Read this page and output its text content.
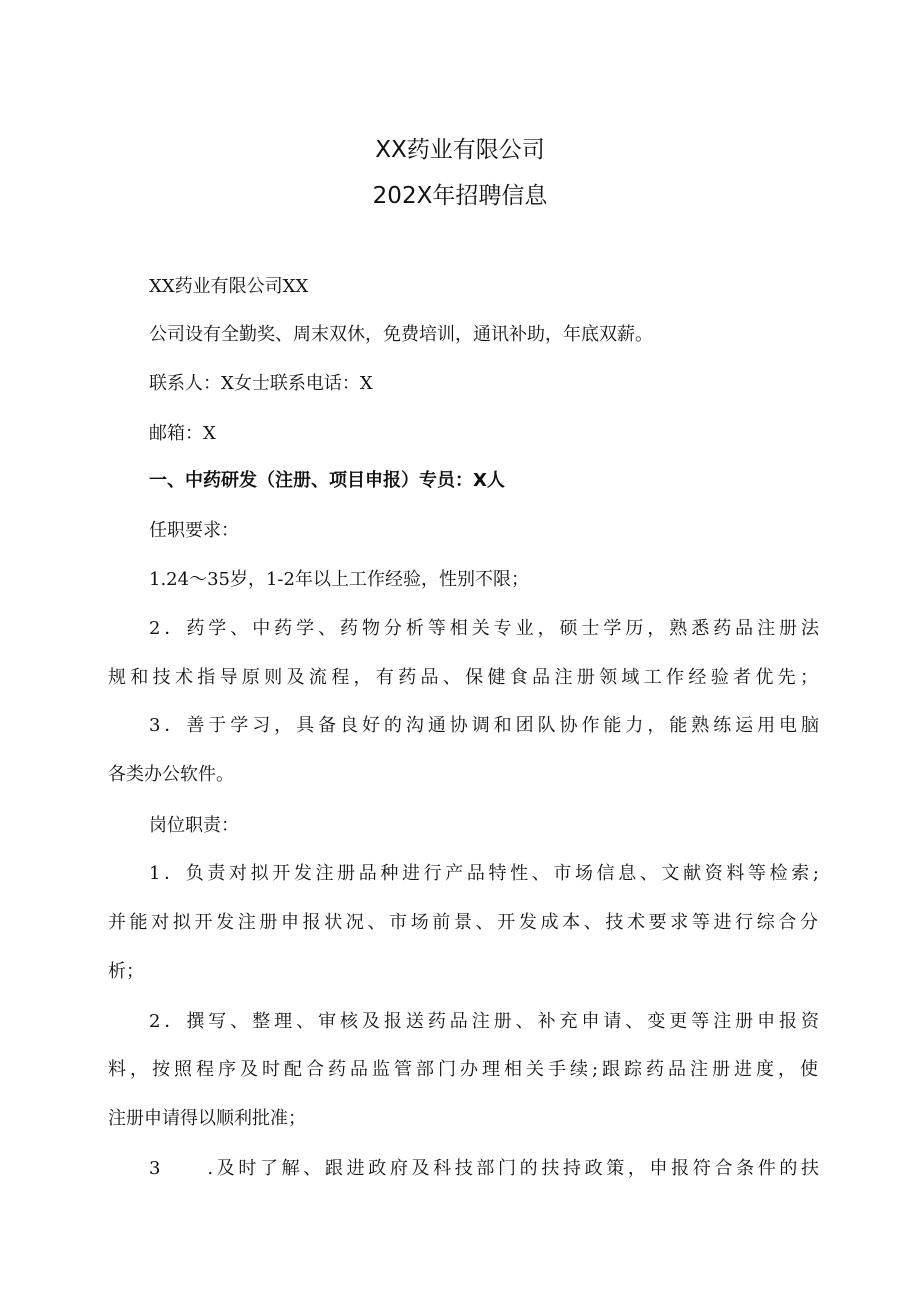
XX药业有限公司
202X年招聘信息
XX药业有限公司XX
公司设有全勤奖、周末双休，免费培训，通讯补助，年底双薪。
联系人：X女士联系电话：X
邮箱：X
一、中药研发（注册、项目申报）专员：X人
任职要求：
1.24～35岁，1-2年以上工作经验，性别不限；
2．药学、中药学、药物分析等相关专业，硕士学历，熟悉药品注册法
规和技术指导原则及流程，有药品、保健食品注册领域工作经验者优先；
3．善于学习，具备良好的沟通协调和团队协作能力，能熟练运用电脑
各类办公软件。
岗位职责：
1．负责对拟开发注册品种进行产品特性、市场信息、文献资料等检索;
并能对拟开发注册申报状况、市场前景、开发成本、技术要求等进行综合分
析；
2．撰写、整理、审核及报送药品注册、补充申请、变更等注册申报资
料，按照程序及时配合药品监管部门办理相关手续;跟踪药品注册进度，使
注册申请得以顺利批准；
3　　.及时了解、跟进政府及科技部门的扶持政策，申报符合条件的扶
